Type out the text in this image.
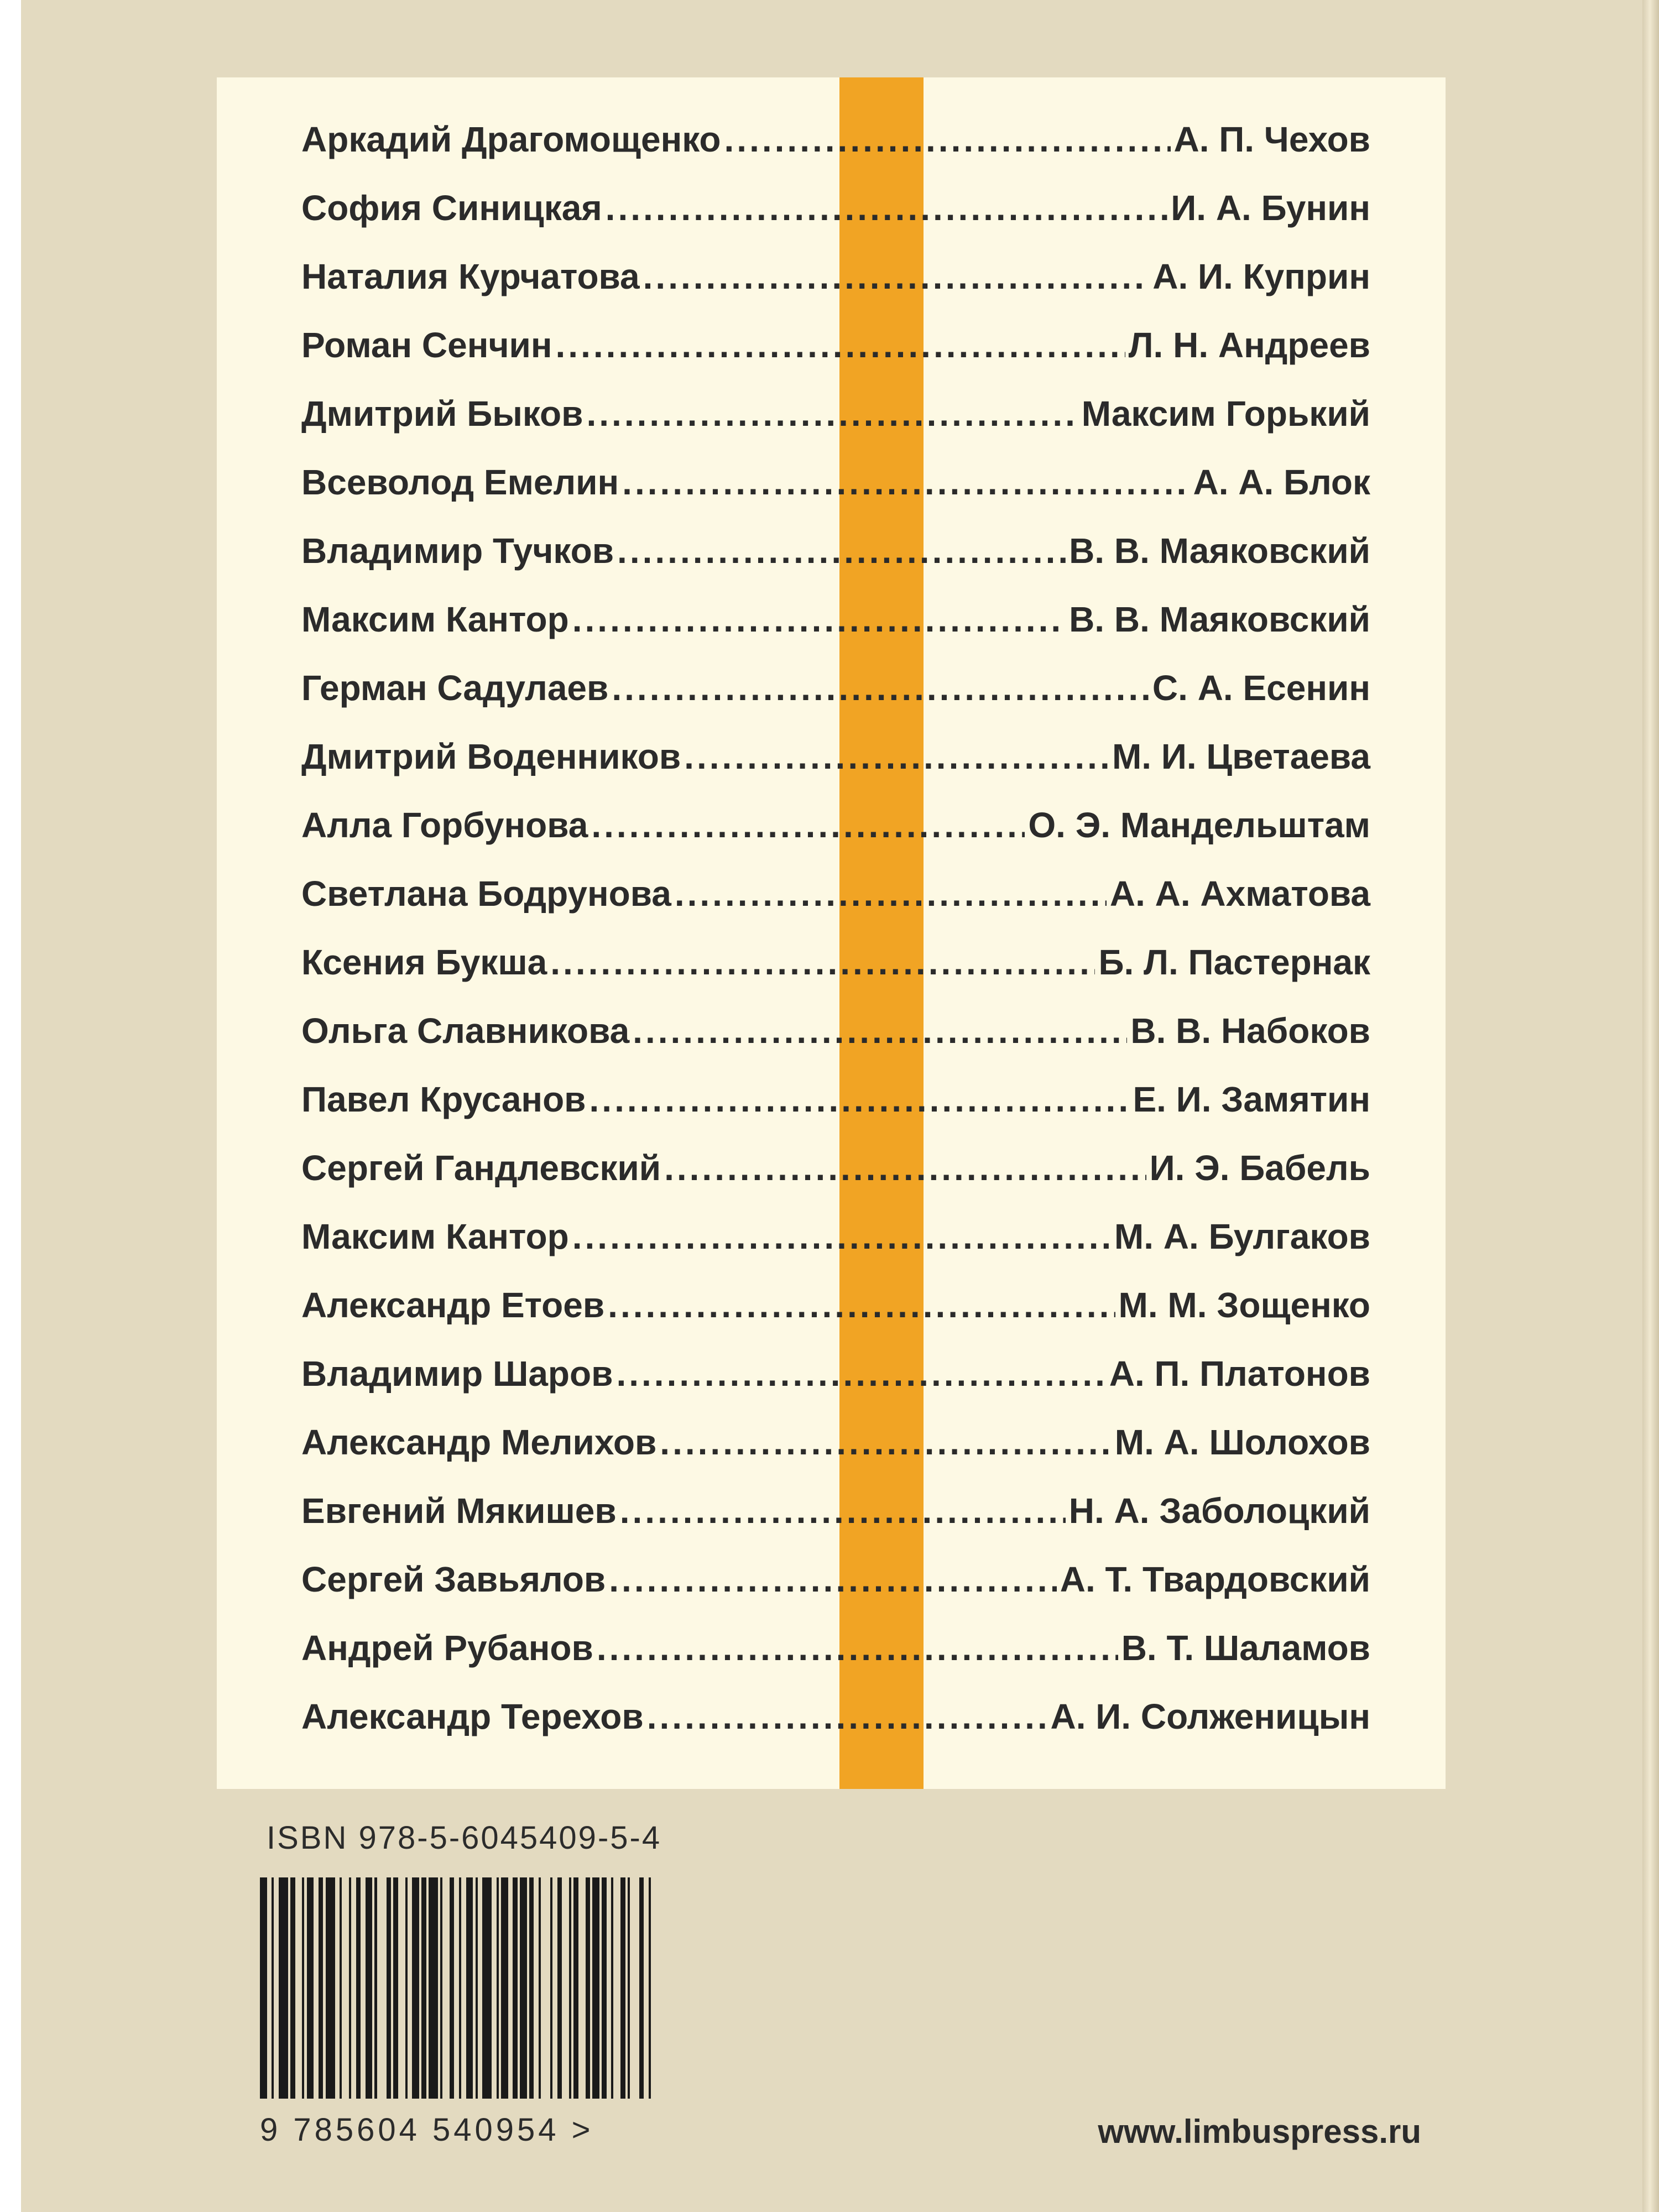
Аркадий Драгомощенко .....	А. П. Чехов
София Синицкая .....	И. А. Бунин
Наталия Курчатова .....	А. И. Куприн
Роман Сенчин .....	Л. Н. Андреев
Дмитрий Быков .....	Максим Горький
Всеволод Емелин .....	А. А. Блок
Владимир Тучков .....	В. В. Маяковский
Максим Кантор .....	В. В. Маяковский
Герман Садулаев .....	С. А. Есенин
Дмитрий Воденников .....	М. И. Цветаева
Алла Горбунова .....	О. Э. Мандельштам
Светлана Бодрунова .....	А. А. Ахматова
Ксения Букша .....	Б. Л. Пастернак
Ольга Славникова .....	В. В. Набоков
Павел Крусанов .....	Е. И. Замятин
Сергей Гандлевский .....	И. Э. Бабель
Максим Кантор .....	М. А. Булгаков
Александр Етоев .....	М. М. Зощенко
Владимир Шаров .....	А. П. Платонов
Александр Мелихов .....	М. А. Шолохов
Евгений Мякишев .....	Н. А. Заболоцкий
Сергей Завьялов .....	А. Т. Твардовский
Андрей Рубанов .....	В. Т. Шаламов
Александр Терехов .....	А. И. Солженицын
ISBN 978-5-6045409-5-4
9 785604 540954 >	www.limbuspress.ru
